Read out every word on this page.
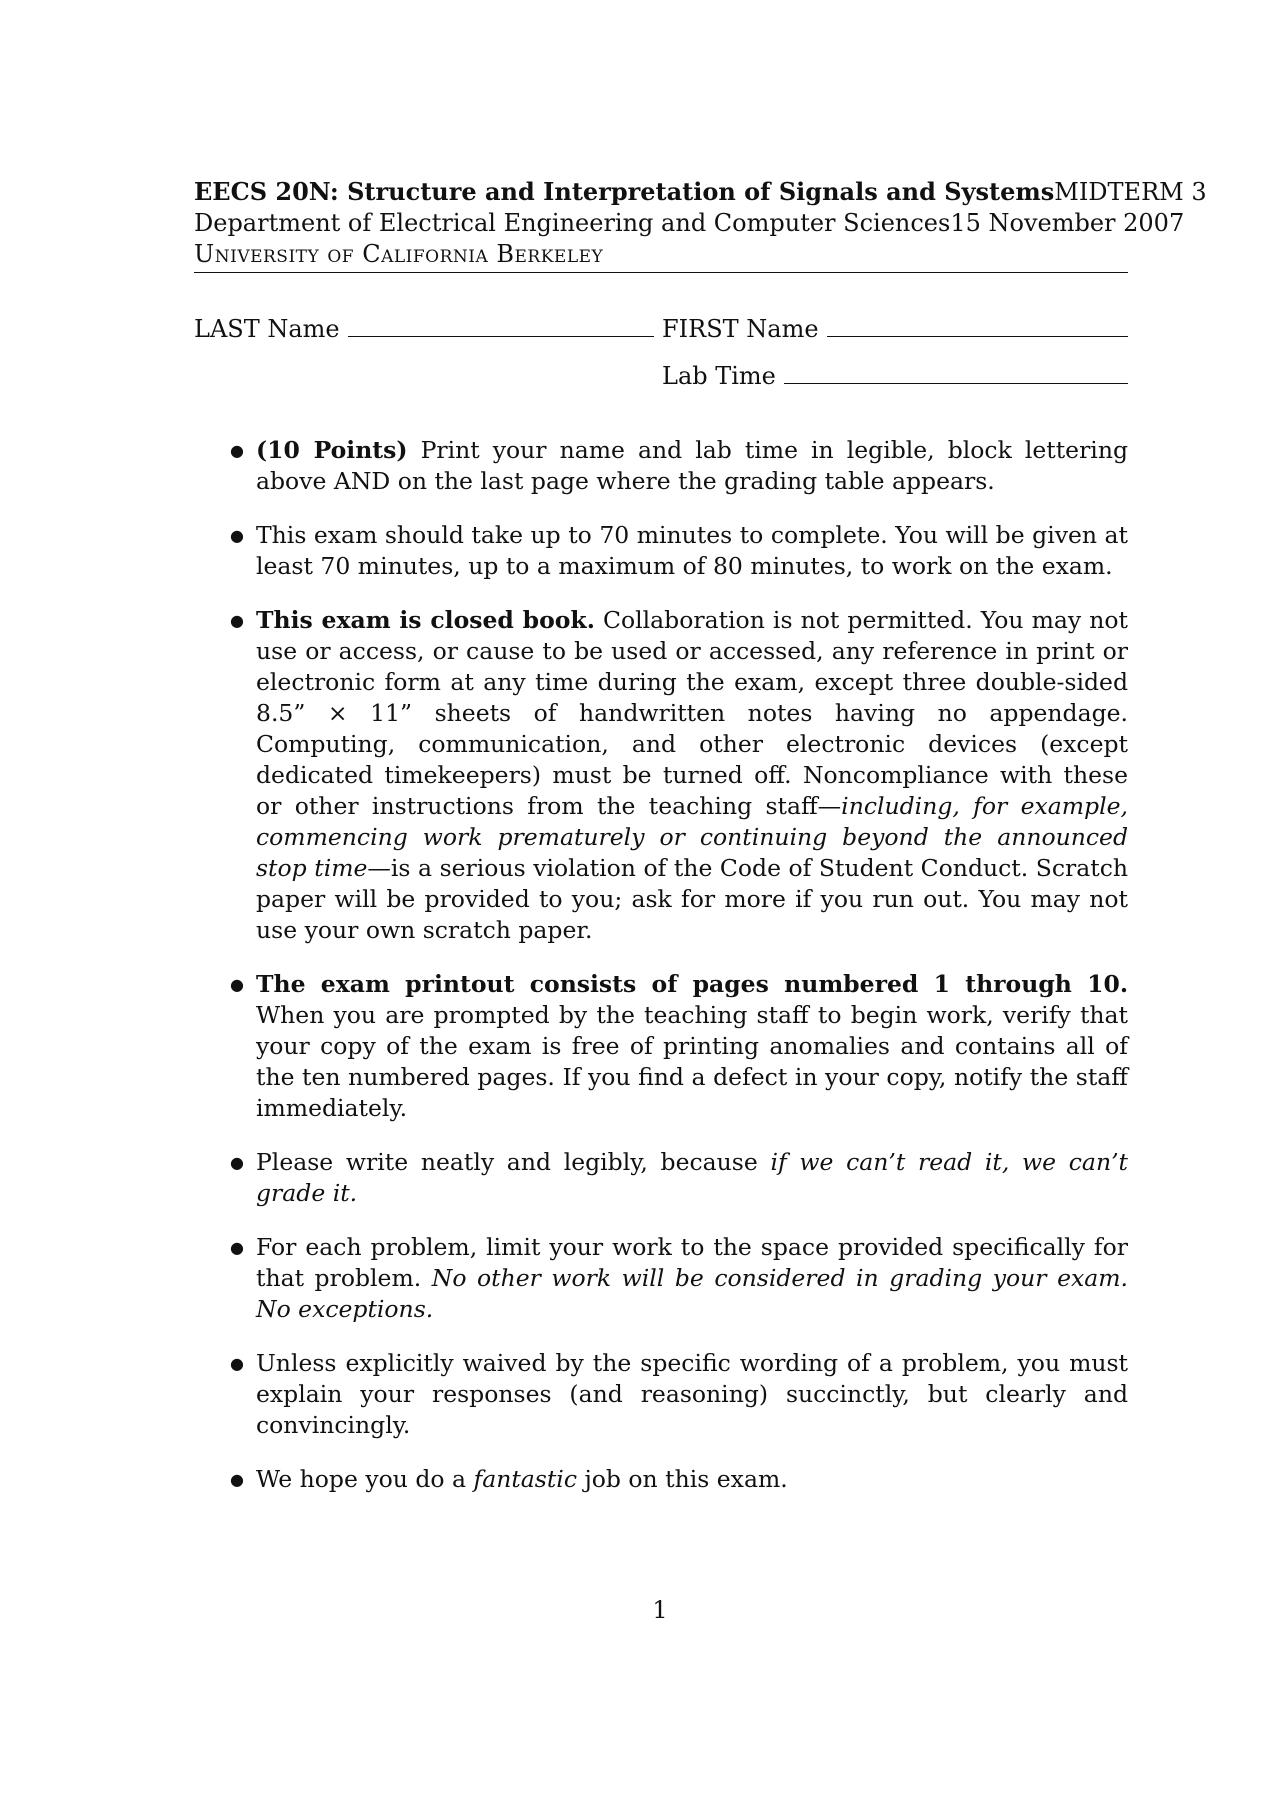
EECS 20N: Structure and Interpretation of Signals and Systems MIDTERM 3
Department of Electrical Engineering and Computer Sciences 15 November 2007
University of California Berkeley
LAST Name	FIRST Name
Lab Time
● (10 Points) Print your name and lab time in legible, block lettering above AND on the last page where the grading table appears.
● This exam should take up to 70 minutes to complete. You will be given at least 70 minutes, up to a maximum of 80 minutes, to work on the exam.
● This exam is closed book. Collaboration is not permitted. You may not use or access, or cause to be used or accessed, any reference in print or electronic form at any time during the exam, except three double-sided 8.5” × 11” sheets of handwritten notes having no appendage. Computing, communication, and other electronic devices (except dedicated timekeepers) must be turned off. Noncompliance with these or other instructions from the teaching staff—including, for example, commencing work prematurely or continuing beyond the announced stop time—is a serious violation of the Code of Student Conduct. Scratch paper will be provided to you; ask for more if you run out. You may not use your own scratch paper.
● The exam printout consists of pages numbered 1 through 10. When you are prompted by the teaching staff to begin work, verify that your copy of the exam is free of printing anomalies and contains all of the ten numbered pages. If you find a defect in your copy, notify the staff immediately.
● Please write neatly and legibly, because if we can’t read it, we can’t grade it.
● For each problem, limit your work to the space provided specifically for that problem. No other work will be considered in grading your exam. No exceptions.
● Unless explicitly waived by the specific wording of a problem, you must explain your responses (and reasoning) succinctly, but clearly and convincingly.
● We hope you do a fantastic job on this exam.
1
